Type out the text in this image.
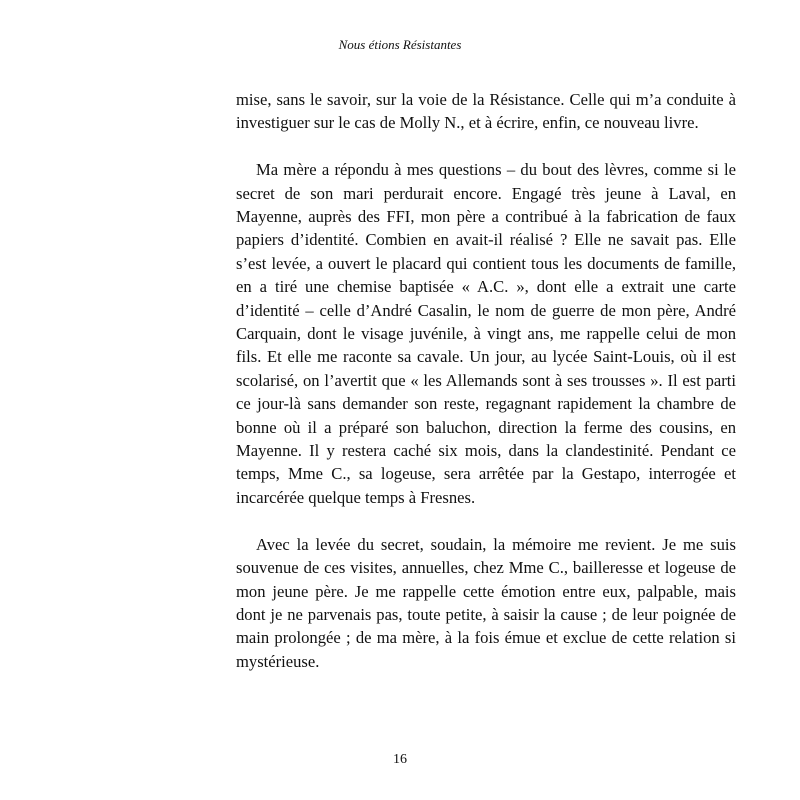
Nous étions Résistantes

mise, sans le savoir, sur la voie de la Résistance. Celle qui m’a conduite à investiguer sur le cas de Molly N., et à écrire, enfin, ce nouveau livre.

Ma mère a répondu à mes questions – du bout des lèvres, comme si le secret de son mari perdurait encore. Engagé très jeune à Laval, en Mayenne, auprès des FFI, mon père a contribué à la fabrication de faux papiers d’identité. Combien en avait-il réalisé ? Elle ne savait pas. Elle s’est levée, a ouvert le placard qui contient tous les documents de famille, en a tiré une chemise baptisée « A.C. », dont elle a extrait une carte d’identité – celle d’André Casalin, le nom de guerre de mon père, André Carquain, dont le visage juvénile, à vingt ans, me rappelle celui de mon fils. Et elle me raconte sa cavale. Un jour, au lycée Saint-Louis, où il est scolarisé, on l’avertit que « les Allemands sont à ses trousses ». Il est parti ce jour-là sans demander son reste, regagnant rapidement la chambre de bonne où il a préparé son baluchon, direction la ferme des cousins, en Mayenne. Il y restera caché six mois, dans la clandestinité. Pendant ce temps, Mme C., sa logeuse, sera arrêtée par la Gestapo, interrogée et incarcérée quelque temps à Fresnes.

Avec la levée du secret, soudain, la mémoire me revient. Je me suis souvenue de ces visites, annuelles, chez Mme C., bailleresse et logeuse de mon jeune père. Je me rappelle cette émotion entre eux, palpable, mais dont je ne parvenais pas, toute petite, à saisir la cause ; de leur poignée de main prolongée ; de ma mère, à la fois émue et exclue de cette relation si mystérieuse.

16
